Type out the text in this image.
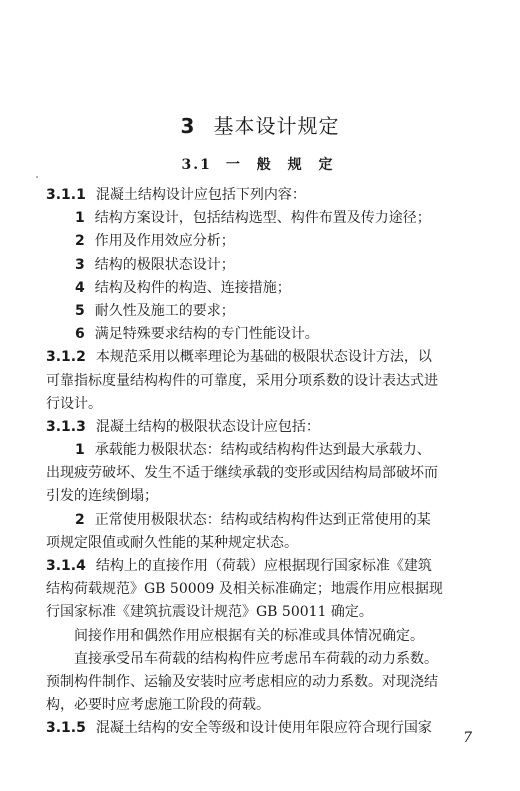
3 基本设计规定
3.1 一 般 规 定
3.1.1 混凝土结构设计应包括下列内容：
1 结构方案设计，包括结构选型、构件布置及传力途径；
2 作用及作用效应分析；
3 结构的极限状态设计；
4 结构及构件的构造、连接措施；
5 耐久性及施工的要求；
6 满足特殊要求结构的专门性能设计。
3.1.2 本规范采用以概率理论为基础的极限状态设计方法，以
可靠指标度量结构构件的可靠度，采用分项系数的设计表达式进
行设计。
3.1.3 混凝土结构的极限状态设计应包括：
1 承载能力极限状态：结构或结构构件达到最大承载力、
出现疲劳破坏、发生不适于继续承载的变形或因结构局部破坏而
引发的连续倒塌；
2 正常使用极限状态：结构或结构构件达到正常使用的某
项规定限值或耐久性能的某种规定状态。
3.1.4 结构上的直接作用（荷载）应根据现行国家标准《建筑
结构荷载规范》GB 50009 及相关标准确定；地震作用应根据现
行国家标准《建筑抗震设计规范》GB 50011 确定。
间接作用和偶然作用应根据有关的标准或具体情况确定。
直接承受吊车荷载的结构构件应考虑吊车荷载的动力系数。
预制构件制作、运输及安装时应考虑相应的动力系数。对现浇结
构，必要时应考虑施工阶段的荷载。
3.1.5 混凝土结构的安全等级和设计使用年限应符合现行国家
7
